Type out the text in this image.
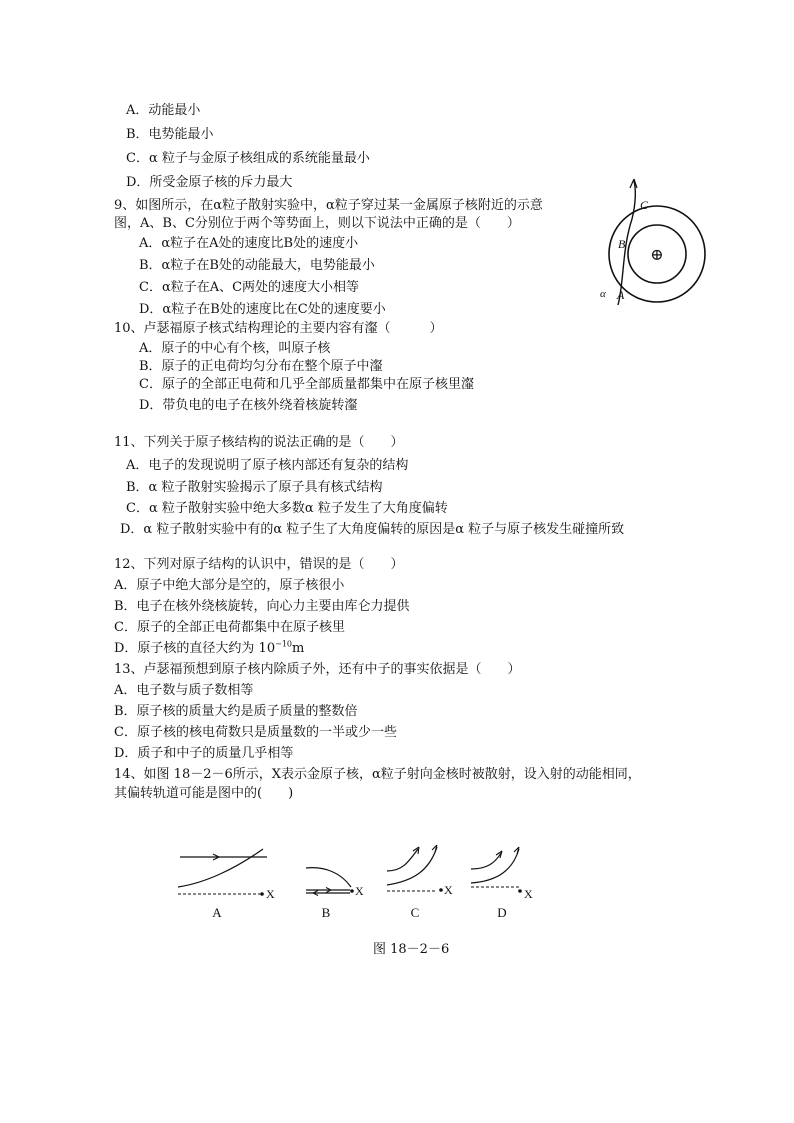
A．动能最小
B．电势能最小
C．α 粒子与金原子核组成的系统能量最小
D．所受金原子核的斥力最大
9、如图所示，在α粒子散射实验中，α粒子穿过某一金属原子核附近的示意
图，A、B、C分别位于两个等势面上，则以下说法中正确的是（　　）
A．α粒子在A处的速度比B处的速度小
B．α粒子在B处的动能最大，电势能最小
C．α粒子在A、C两处的速度大小相等
D．α粒子在B处的速度比在C处的速度要小
⊕
C
B
A
α
10、卢瑟福原子核式结构理论的主要内容有瀣（　　　）
A．原子的中心有个核，叫原子核
B．原子的正电荷均匀分布在整个原子中瀣
C．原子的全部正电荷和几乎全部质量都集中在原子核里瀣
D．带负电的电子在核外绕着核旋转瀣
11、下列关于原子核结构的说法正确的是（　　）
A．电子的发现说明了原子核内部还有复杂的结构
B．α 粒子散射实验揭示了原子具有核式结构
C．α 粒子散射实验中绝大多数α 粒子发生了大角度偏转
D．α 粒子散射实验中有的α 粒子生了大角度偏转的原因是α 粒子与原子核发生碰撞所致
12、下列对原子结构的认识中，错误的是（　　）
A．原子中绝大部分是空的，原子核很小
B．电子在核外绕核旋转，向心力主要由库仑力提供
C．原子的全部正电荷都集中在原子核里
D．原子核的直径大约为 $10^{-10}m$
13、卢瑟福预想到原子核内除质子外，还有中子的事实依据是（　　）
A．电子数与质子数相等
B．原子核的质量大约是质子质量的整数倍
C．原子核的核电荷数只是质量数的一半或少一些
D．质子和中子的质量几乎相等
14、如图 18－2－6所示，X表示金原子核，α粒子射向金核时被散射，设入射的动能相同，
其偏转轨道可能是图中的(　　)
X
A
X
B
X
C
X
D
图 18－2－6
